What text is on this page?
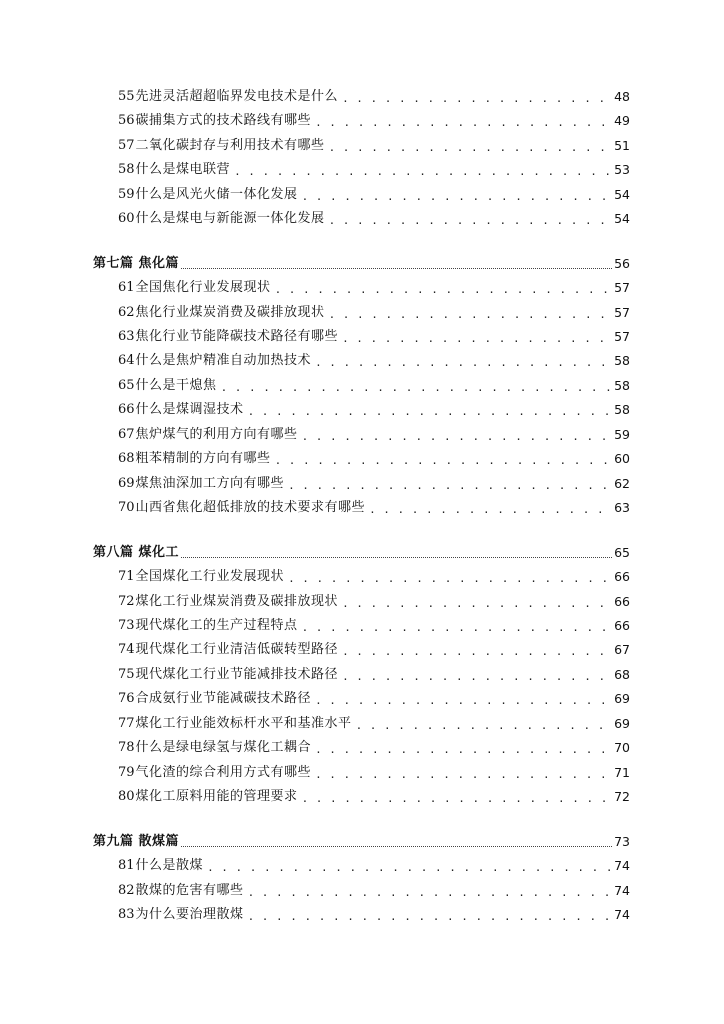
55 先进灵活超超临界发电技术是什么 . . .	48
56 碳捕集方式的技术路线有哪些 . . .	49
57 二氧化碳封存与利用技术有哪些 . . .	51
58 什么是煤电联营 . . .	53
59 什么是风光火储一体化发展 . . .	54
60 什么是煤电与新能源一体化发展 . . .	54
第七篇 焦化篇	56
61 全国焦化行业发展现状 . . .	57
62 焦化行业煤炭消费及碳排放现状 . . .	57
63 焦化行业节能降碳技术路径有哪些 . . .	57
64 什么是焦炉精准自动加热技术 . . .	58
65 什么是干熄焦 . . .	58
66 什么是煤调湿技术 . . .	58
67 焦炉煤气的利用方向有哪些 . . .	59
68 粗苯精制的方向有哪些 . . .	60
69 煤焦油深加工方向有哪些 . . .	62
70 山西省焦化超低排放的技术要求有哪些 . . .	63
第八篇 煤化工	65
71 全国煤化工行业发展现状 . . .	66
72 煤化工行业煤炭消费及碳排放现状 . . .	66
73 现代煤化工的生产过程特点 . . .	66
74 现代煤化工行业清洁低碳转型路径 . . .	67
75 现代煤化工行业节能减排技术路径 . . .	68
76 合成氨行业节能减碳技术路径 . . .	69
77 煤化工行业能效标杆水平和基准水平 . . .	69
78 什么是绿电绿氢与煤化工耦合 . . .	70
79 气化渣的综合利用方式有哪些 . . .	71
80 煤化工原料用能的管理要求 . . .	72
第九篇 散煤篇	73
81 什么是散煤 . . .	74
82 散煤的危害有哪些 . . .	74
83 为什么要治理散煤 . . .	74
